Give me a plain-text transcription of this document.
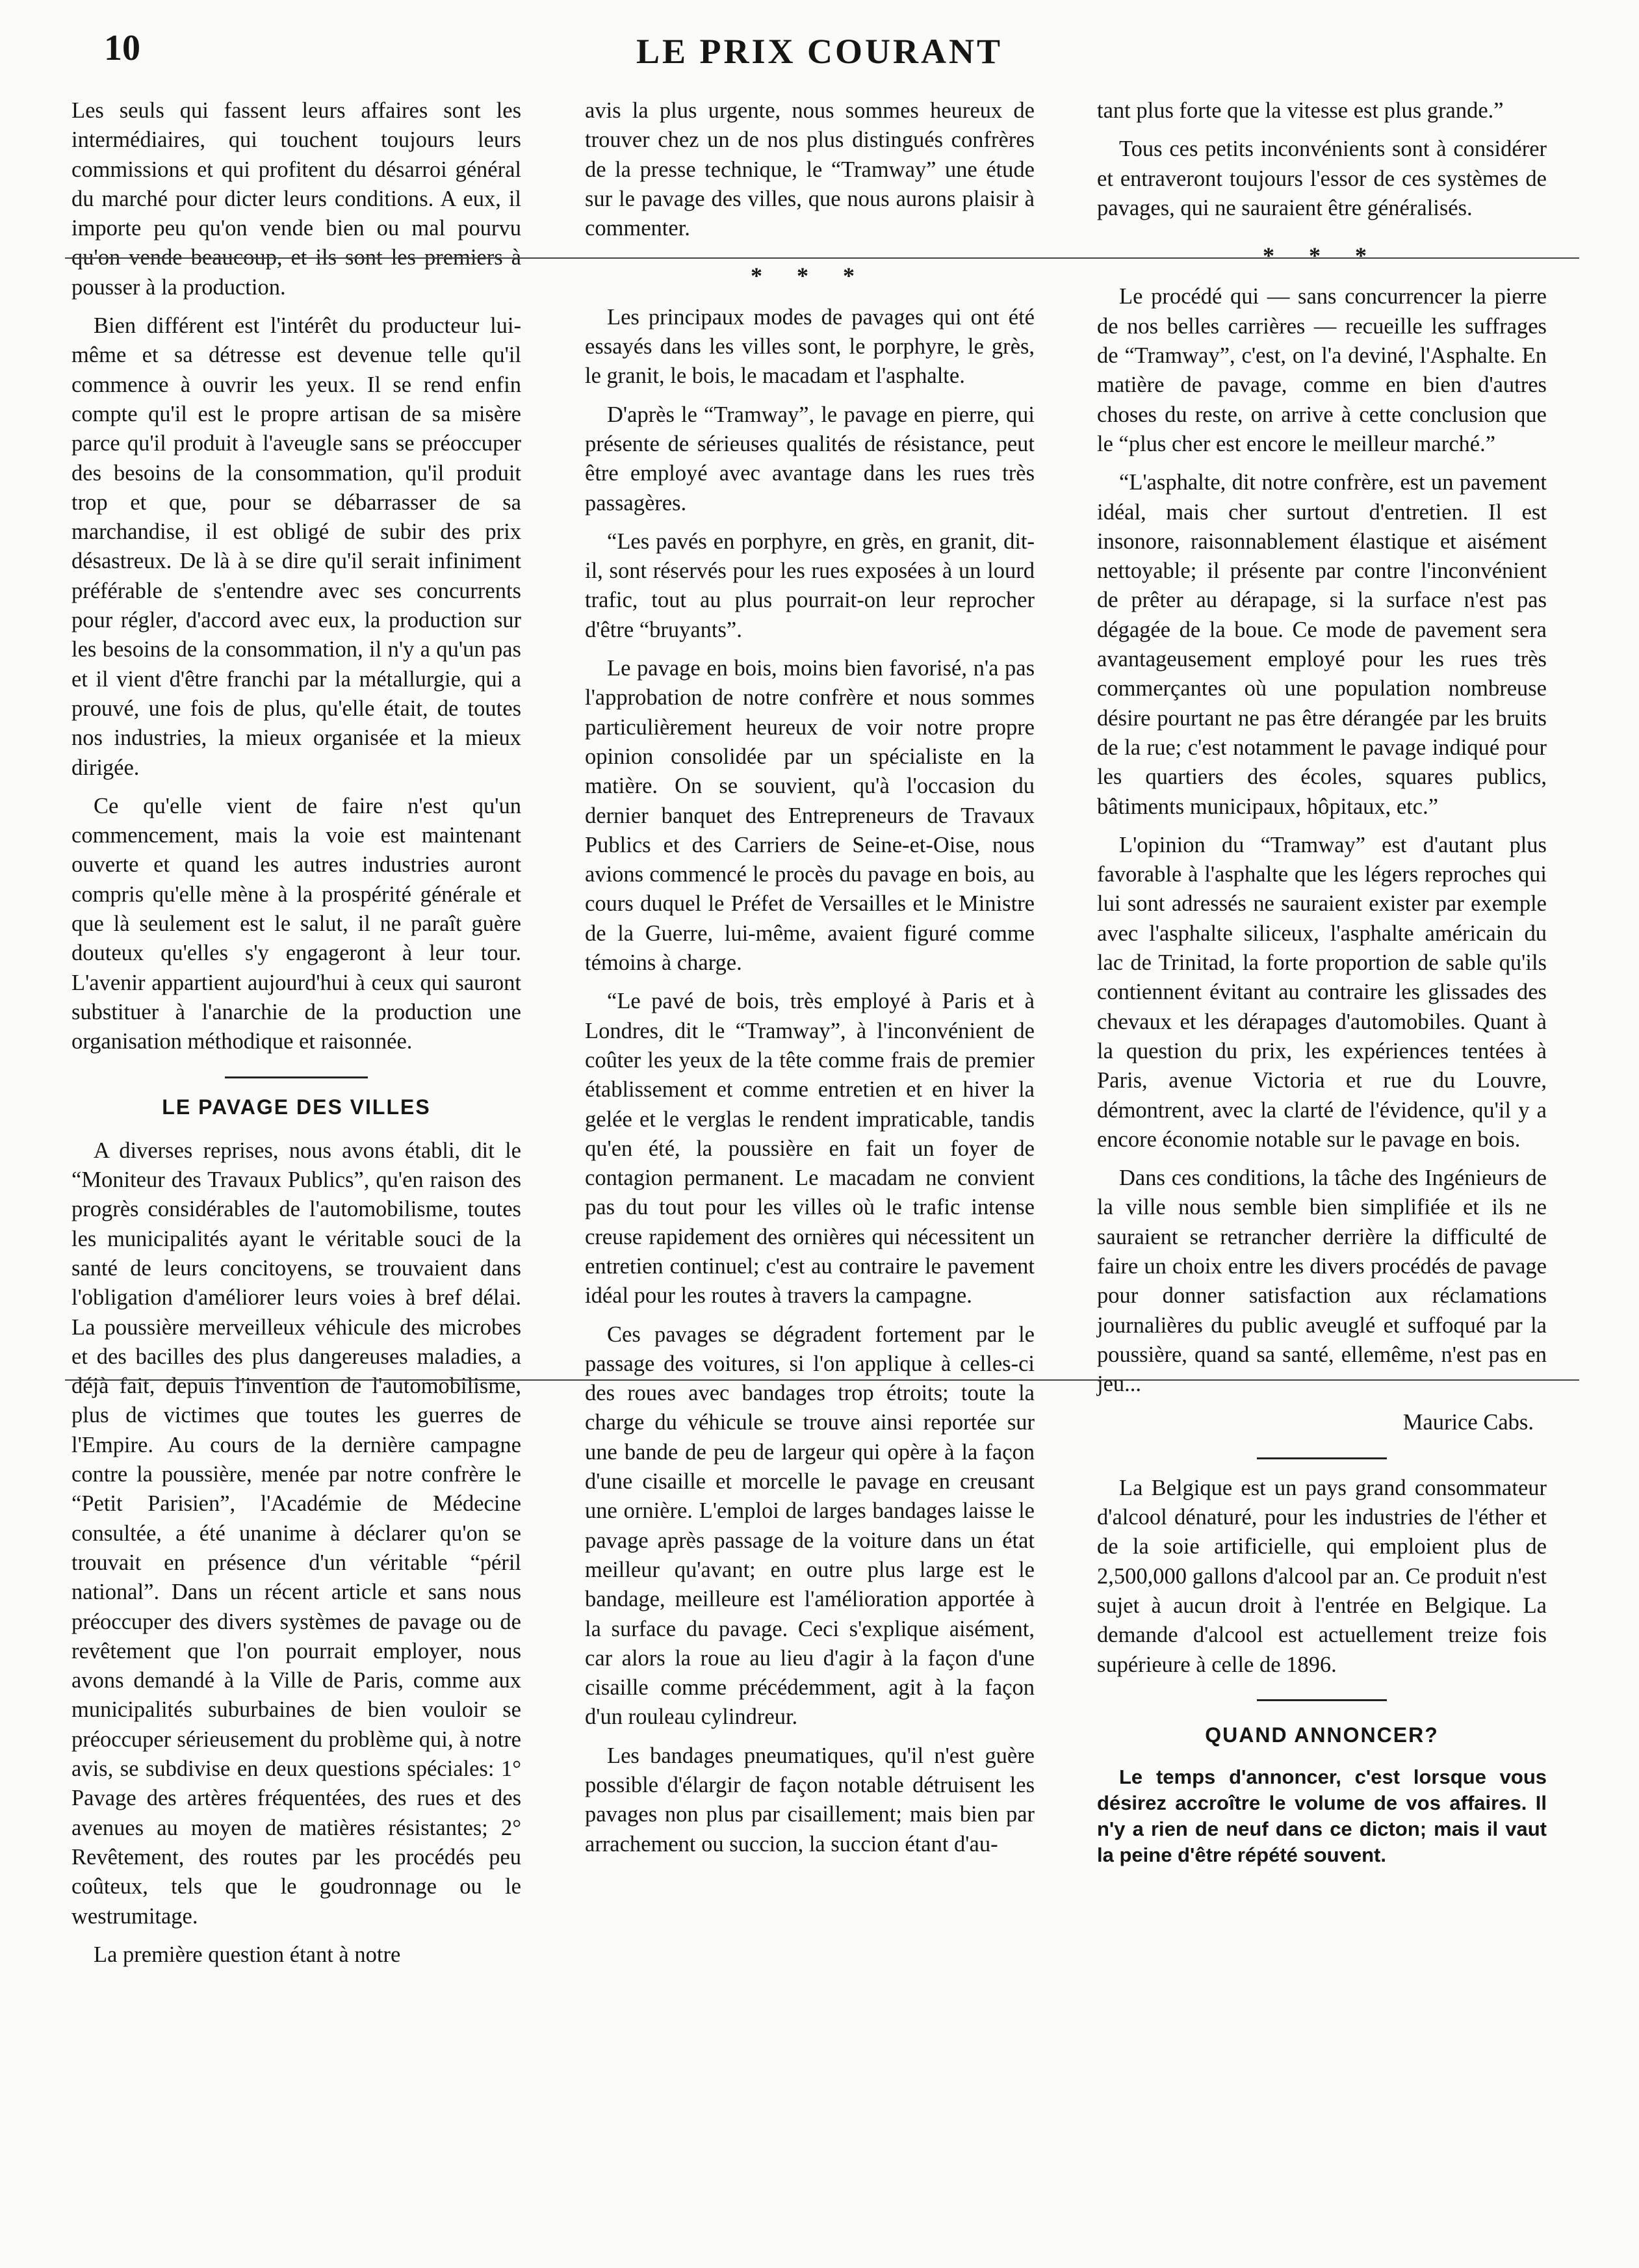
10	LE PRIX COURANT

Les seuls qui fassent leurs affaires sont les intermédiaires, qui touchent toujours leurs commissions et qui profitent du désarroi général du marché pour dicter leurs conditions. A eux, il importe peu qu'on vende bien ou mal pourvu qu'on vende beaucoup, et ils sont les premiers à pousser à la production.

Bien différent est l'intérêt du producteur lui-même et sa détresse est devenue telle qu'il commence à ouvrir les yeux. Il se rend enfin compte qu'il est le propre artisan de sa misère parce qu'il produit à l'aveugle sans se préoccuper des besoins de la consommation, qu'il produit trop et que, pour se débarrasser de sa marchandise, il est obligé de subir des prix désastreux. De là à se dire qu'il serait infiniment préférable de s'entendre avec ses concurrents pour régler, d'accord avec eux, la production sur les besoins de la consommation, il n'y a qu'un pas et il vient d'être franchi par la métallurgie, qui a prouvé, une fois de plus, qu'elle était, de toutes nos industries, la mieux organisée et la mieux dirigée.

Ce qu'elle vient de faire n'est qu'un commencement, mais la voie est maintenant ouverte et quand les autres industries auront compris qu'elle mène à la prospérité générale et que là seulement est le salut, il ne paraît guère douteux qu'elles s'y engageront à leur tour. L'avenir appartient aujourd'hui à ceux qui sauront substituer à l'anarchie de la production une organisation méthodique et raisonnée.

LE PAVAGE DES VILLES

A diverses reprises, nous avons établi, dit le “Moniteur des Travaux Publics”, qu'en raison des progrès considérables de l'automobilisme, toutes les municipalités ayant le véritable souci de la santé de leurs concitoyens, se trouvaient dans l'obligation d'améliorer leurs voies à bref délai. La poussière merveilleux véhicule des microbes et des bacilles des plus dangereuses maladies, a déjà fait, depuis l'invention de l'automobilisme, plus de victimes que toutes les guerres de l'Empire. Au cours de la dernière campagne contre la poussière, menée par notre confrère le “Petit Parisien”, l'Académie de Médecine consultée, a été unanime à déclarer qu'on se trouvait en présence d'un véritable “péril national”. Dans un récent article et sans nous préoccuper des divers systèmes de pavage ou de revêtement que l'on pourrait employer, nous avons demandé à la Ville de Paris, comme aux municipalités suburbaines de bien vouloir se préoccuper sérieusement du problème qui, à notre avis, se subdivise en deux questions spéciales: 1° Pavage des artères fréquentées, des rues et des avenues au moyen de matières résistantes; 2° Revêtement, des routes par les procédés peu coûteux, tels que le goudronnage ou le westrumitage.

La première question étant à notre

avis la plus urgente, nous sommes heureux de trouver chez un de nos plus distingués confrères de la presse technique, le “Tramway” une étude sur le pavage des villes, que nous aurons plaisir à commenter.

* * *

Les principaux modes de pavages qui ont été essayés dans les villes sont, le porphyre, le grès, le granit, le bois, le macadam et l'asphalte.

D'après le “Tramway”, le pavage en pierre, qui présente de sérieuses qualités de résistance, peut être employé avec avantage dans les rues très passagères.

“Les pavés en porphyre, en grès, en granit, dit-il, sont réservés pour les rues exposées à un lourd trafic, tout au plus pourrait-on leur reprocher d'être “bruyants”.

Le pavage en bois, moins bien favorisé, n'a pas l'approbation de notre confrère et nous sommes particulièrement heureux de voir notre propre opinion consolidée par un spécialiste en la matière. On se souvient, qu'à l'occasion du dernier banquet des Entrepreneurs de Travaux Publics et des Carriers de Seine-et-Oise, nous avions commencé le procès du pavage en bois, au cours duquel le Préfet de Versailles et le Ministre de la Guerre, lui-même, avaient figuré comme témoins à charge.

“Le pavé de bois, très employé à Paris et à Londres, dit le “Tramway”, à l'inconvénient de coûter les yeux de la tête comme frais de premier établissement et comme entretien et en hiver la gelée et le verglas le rendent impraticable, tandis qu'en été, la poussière en fait un foyer de contagion permanent. Le macadam ne convient pas du tout pour les villes où le trafic intense creuse rapidement des ornières qui nécessitent un entretien continuel; c'est au contraire le pavement idéal pour les routes à travers la campagne.

Ces pavages se dégradent fortement par le passage des voitures, si l'on applique à celles-ci des roues avec bandages trop étroits; toute la charge du véhicule se trouve ainsi reportée sur une bande de peu de largeur qui opère à la façon d'une cisaille et morcelle le pavage en creusant une ornière. L'emploi de larges bandages laisse le pavage après passage de la voiture dans un état meilleur qu'avant; en outre plus large est le bandage, meilleure est l'amélioration apportée à la surface du pavage. Ceci s'explique aisément, car alors la roue au lieu d'agir à la façon d'une cisaille comme précédemment, agit à la façon d'un rouleau cylindreur.

Les bandages pneumatiques, qu'il n'est guère possible d'élargir de façon notable détruisent les pavages non plus par cisaillement; mais bien par arrachement ou succion, la succion étant d'au-

tant plus forte que la vitesse est plus grande.”

Tous ces petits inconvénients sont à considérer et entraveront toujours l'essor de ces systèmes de pavages, qui ne sauraient être généralisés.

* * *

Le procédé qui — sans concurrencer la pierre de nos belles carrières — recueille les suffrages de “Tramway”, c'est, on l'a deviné, l'Asphalte. En matière de pavage, comme en bien d'autres choses du reste, on arrive à cette conclusion que le “plus cher est encore le meilleur marché.”

“L'asphalte, dit notre confrère, est un pavement idéal, mais cher surtout d'entretien. Il est insonore, raisonnablement élastique et aisément nettoyable; il présente par contre l'inconvénient de prêter au dérapage, si la surface n'est pas dégagée de la boue. Ce mode de pavement sera avantageusement employé pour les rues très commerçantes où une population nombreuse désire pourtant ne pas être dérangée par les bruits de la rue; c'est notamment le pavage indiqué pour les quartiers des écoles, squares publics, bâtiments municipaux, hôpitaux, etc.”

L'opinion du “Tramway” est d'autant plus favorable à l'asphalte que les légers reproches qui lui sont adressés ne sauraient exister par exemple avec l'asphalte siliceux, l'asphalte américain du lac de Trinitad, la forte proportion de sable qu'ils contiennent évitant au contraire les glissades des chevaux et les dérapages d'automobiles. Quant à la question du prix, les expériences tentées à Paris, avenue Victoria et rue du Louvre, démontrent, avec la clarté de l'évidence, qu'il y a encore économie notable sur le pavage en bois.

Dans ces conditions, la tâche des Ingénieurs de la ville nous semble bien simplifiée et ils ne sauraient se retrancher derrière la difficulté de faire un choix entre les divers procédés de pavage pour donner satisfaction aux réclamations journalières du public aveuglé et suffoqué par la poussière, quand sa santé, ellemême, n'est pas en jeu...

Maurice Cabs.

La Belgique est un pays grand consommateur d'alcool dénaturé, pour les industries de l'éther et de la soie artificielle, qui emploient plus de 2,500,000 gallons d'alcool par an. Ce produit n'est sujet à aucun droit à l'entrée en Belgique. La demande d'alcool est actuellement treize fois supérieure à celle de 1896.

QUAND ANNONCER?

Le temps d'annoncer, c'est lorsque vous désirez accroître le volume de vos affaires. Il n'y a rien de neuf dans ce dicton; mais il vaut la peine d'être répété souvent.
